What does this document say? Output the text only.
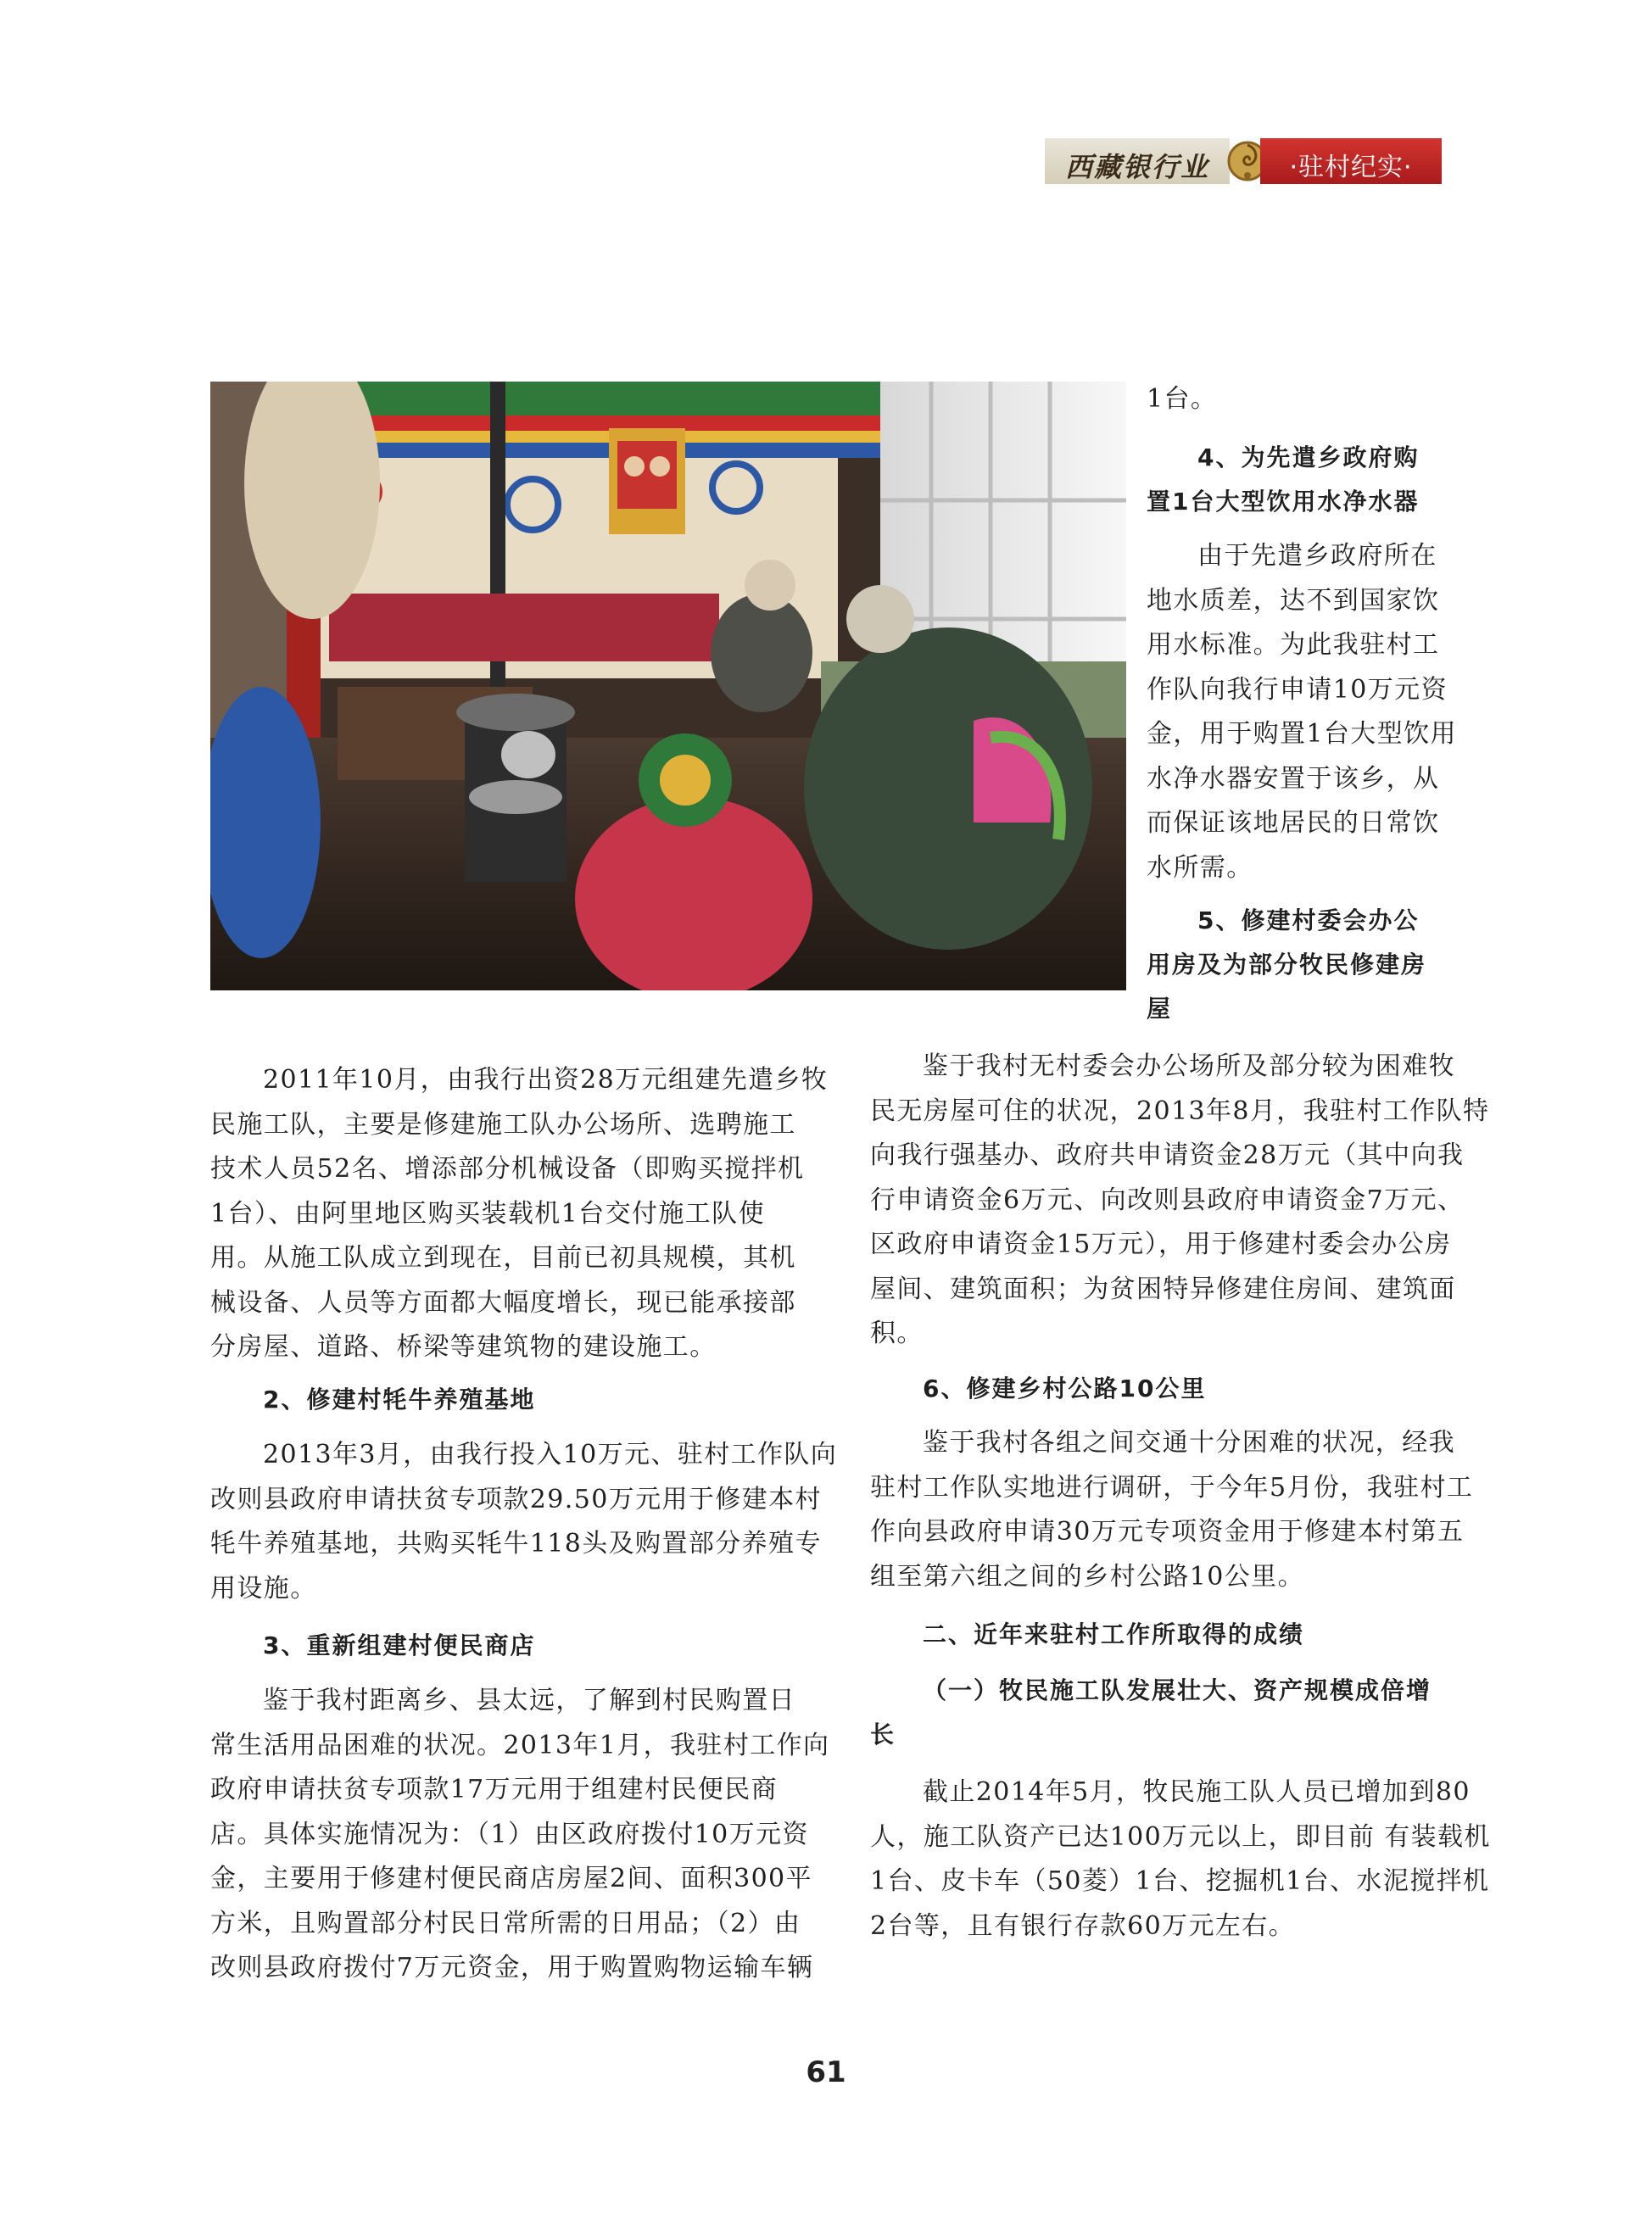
西藏银行业	·驻村纪实·
1台。
4、为先遣乡政府购
置1台大型饮用水净水器
由于先遣乡政府所在
地水质差，达不到国家饮
用水标准。为此我驻村工
作队向我行申请10万元资
金，用于购置1台大型饮用
水净水器安置于该乡，从
而保证该地居民的日常饮
水所需。
5、修建村委会办公
用房及为部分牧民修建房
屋
2011年10月，由我行出资28万元组建先遣乡牧
民施工队，主要是修建施工队办公场所、选聘施工
技术人员52名、增添部分机械设备（即购买搅拌机
1台）、由阿里地区购买装载机1台交付施工队使
用。从施工队成立到现在，目前已初具规模，其机
械设备、人员等方面都大幅度增长，现已能承接部
分房屋、道路、桥梁等建筑物的建设施工。
2、修建村牦牛养殖基地
2013年3月，由我行投入10万元、驻村工作队向
改则县政府申请扶贫专项款29.50万元用于修建本村
牦牛养殖基地，共购买牦牛118头及购置部分养殖专
用设施。
3、重新组建村便民商店
鉴于我村距离乡、县太远，了解到村民购置日
常生活用品困难的状况。2013年1月，我驻村工作向
政府申请扶贫专项款17万元用于组建村民便民商
店。具体实施情况为：（1）由区政府拨付10万元资
金，主要用于修建村便民商店房屋2间、面积300平
方米，且购置部分村民日常所需的日用品；（2）由
改则县政府拨付7万元资金，用于购置购物运输车辆
鉴于我村无村委会办公场所及部分较为困难牧
民无房屋可住的状况，2013年8月，我驻村工作队特
向我行强基办、政府共申请资金28万元（其中向我
行申请资金6万元、向改则县政府申请资金7万元、
区政府申请资金15万元），用于修建村委会办公房
屋间、建筑面积；为贫困特异修建住房间、建筑面
积。
6、修建乡村公路10公里
鉴于我村各组之间交通十分困难的状况，经我
驻村工作队实地进行调研，于今年5月份，我驻村工
作向县政府申请30万元专项资金用于修建本村第五
组至第六组之间的乡村公路10公里。
二、近年来驻村工作所取得的成绩
（一）牧民施工队发展壮大、资产规模成倍增
长
截止2014年5月，牧民施工队人员已增加到80
人，施工队资产已达100万元以上，即目前 有装载机
1台、皮卡车（50菱）1台、挖掘机1台、水泥搅拌机
2台等，且有银行存款60万元左右。
61
